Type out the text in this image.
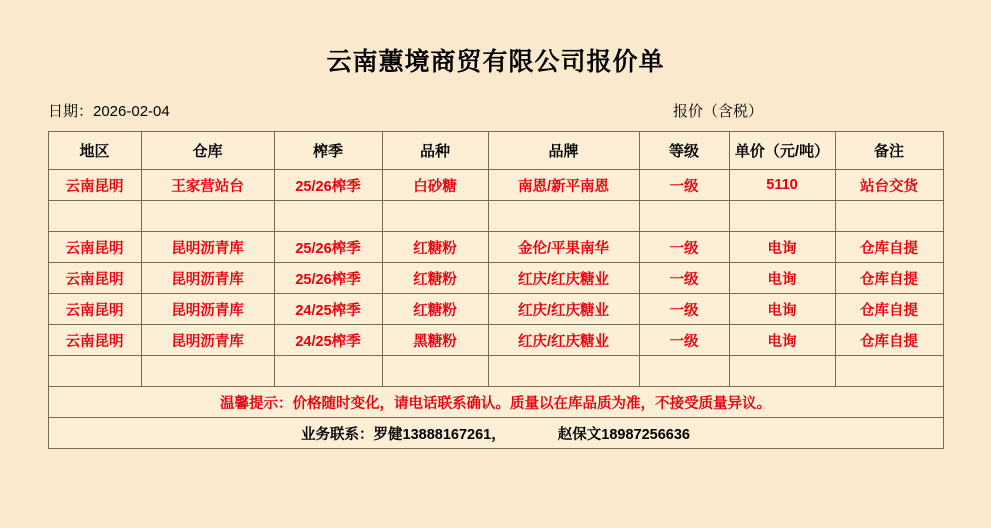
云南蕙境商贸有限公司报价单
日期：2026-02-04	报价（含税）
地区	仓库	榨季	品种	品牌	等级	单价（元/吨）	备注
云南昆明	王家营站台	25/26榨季	白砂糖	南恩/新平南恩	一级	5110	站台交货

云南昆明	昆明沥青库	25/26榨季	红糖粉	金伦/平果南华	一级	电询	仓库自提
云南昆明	昆明沥青库	25/26榨季	红糖粉	红庆/红庆糖业	一级	电询	仓库自提
云南昆明	昆明沥青库	24/25榨季	红糖粉	红庆/红庆糖业	一级	电询	仓库自提
云南昆明	昆明沥青库	24/25榨季	黑糖粉	红庆/红庆糖业	一级	电询	仓库自提

温馨提示：价格随时变化，请电话联系确认。质量以在库品质为准，不接受质量异议。							
业务联系：罗健13888167261， 赵保文18987256636							
